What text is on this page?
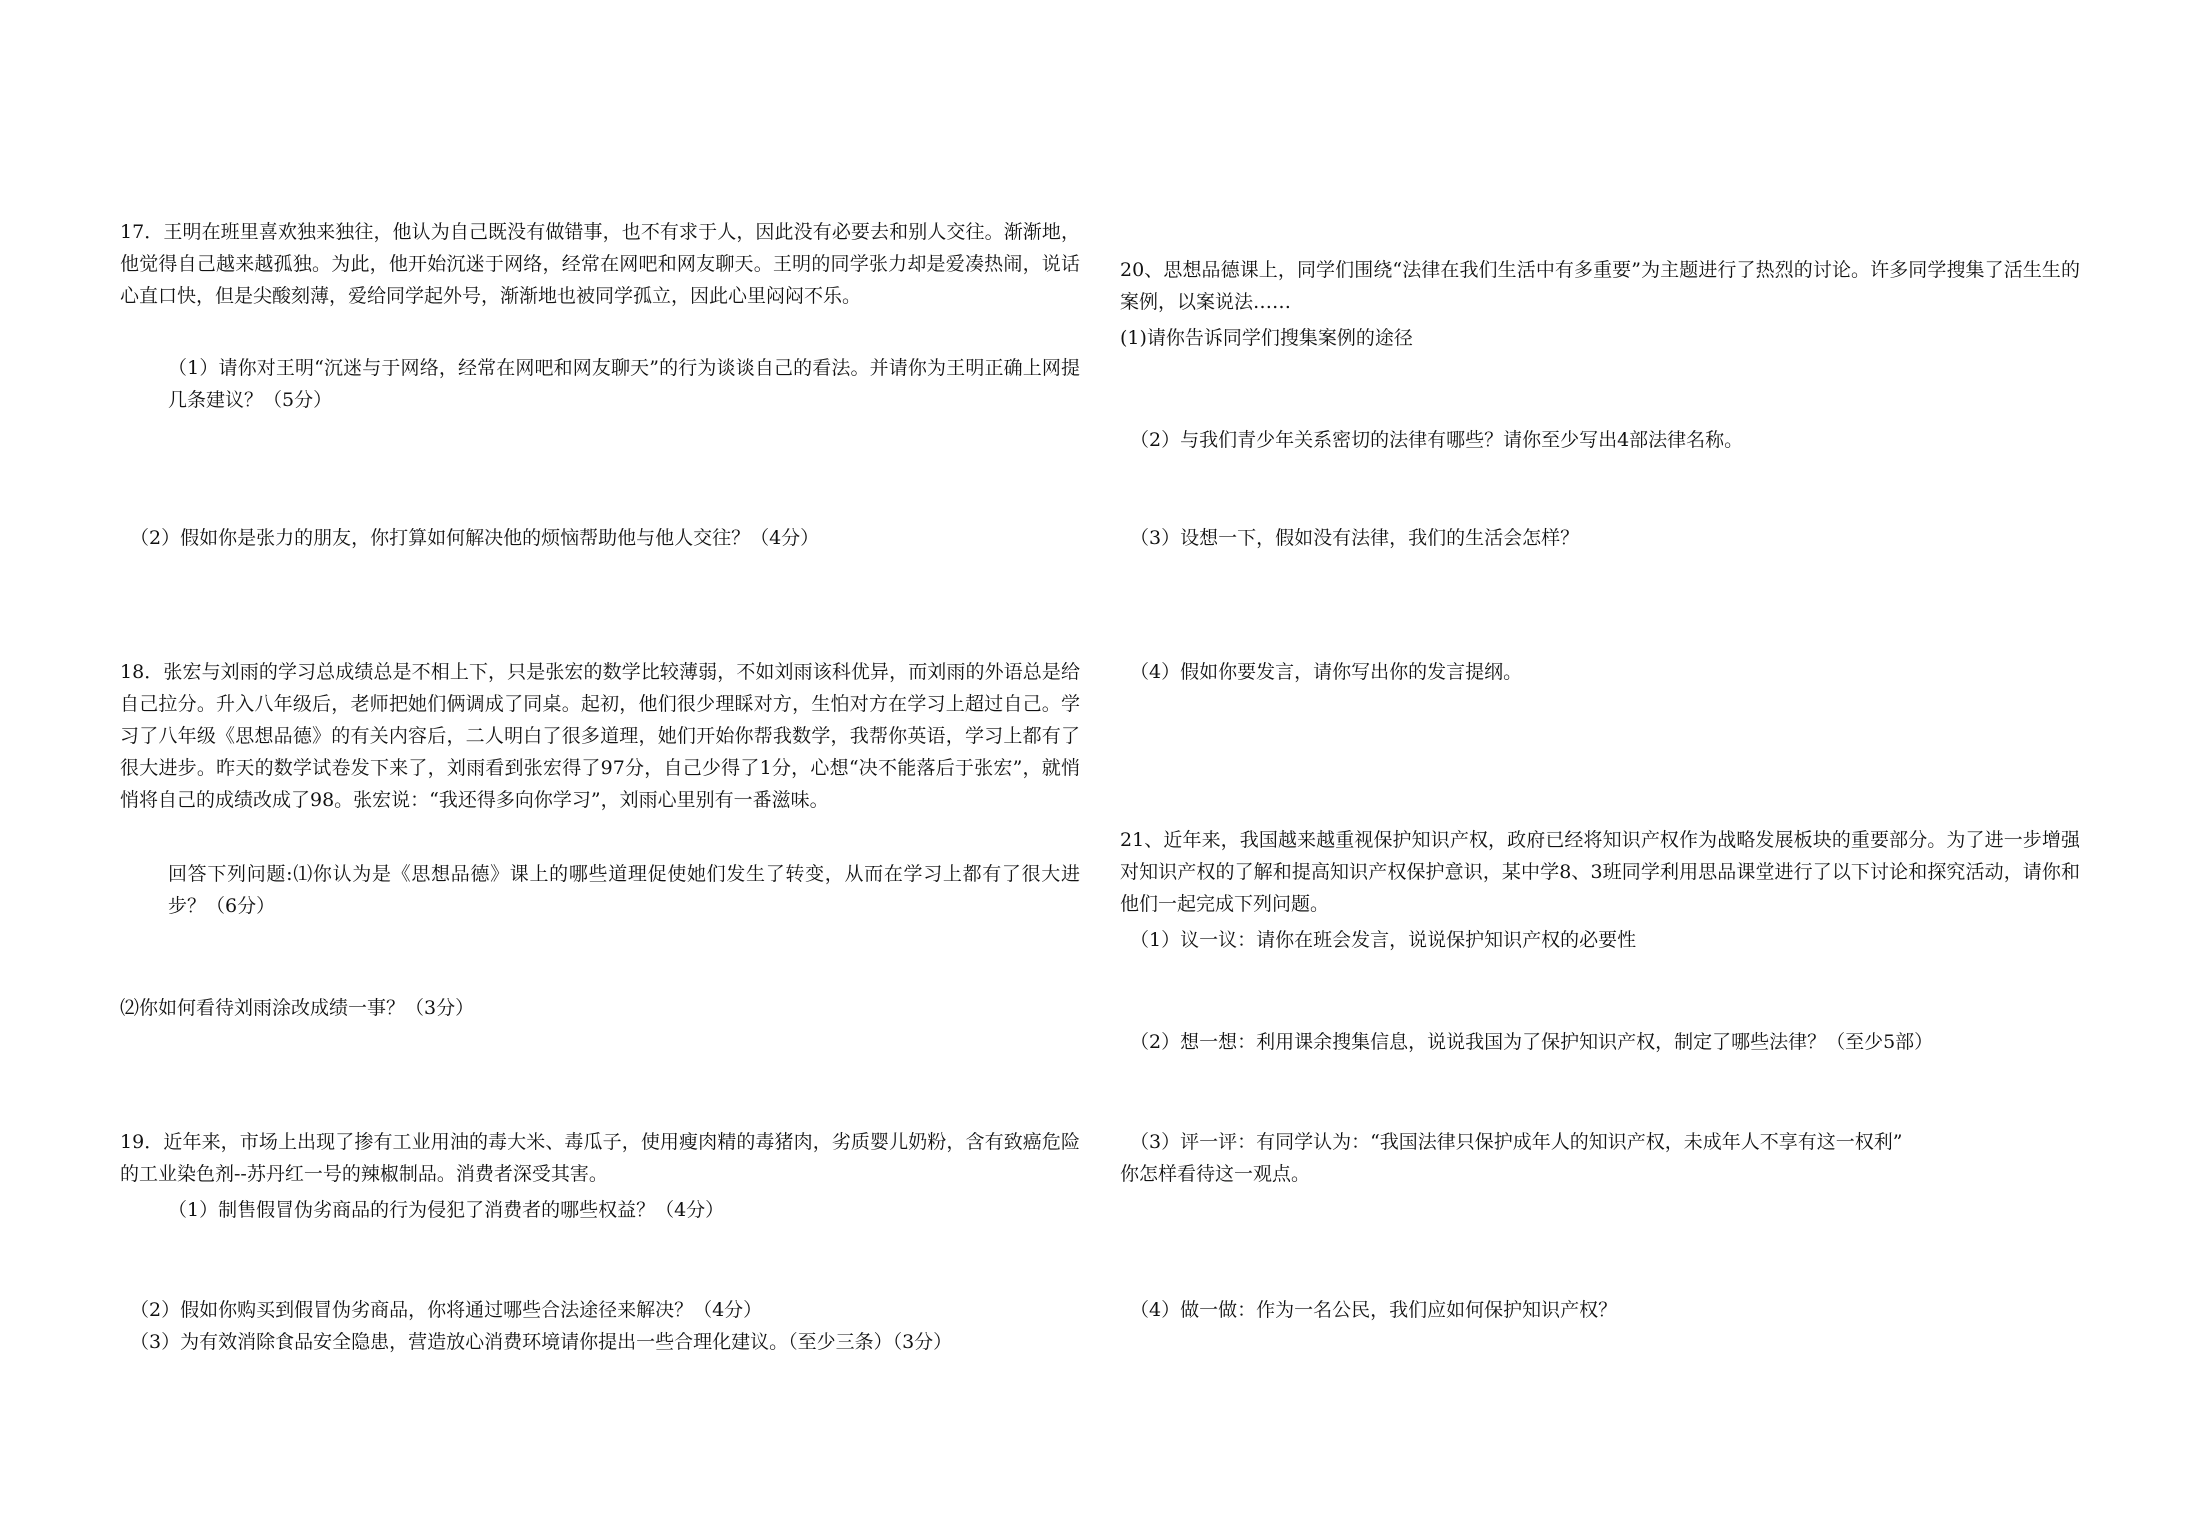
17．王明在班里喜欢独来独往，他认为自己既没有做错事，也不有求于人，因此没有必要去和别人交往。渐渐地，他觉得自己越来越孤独。为此，他开始沉迷于网络，经常在网吧和网友聊天。王明的同学张力却是爱凑热闹，说话心直口快，但是尖酸刻薄，爱给同学起外号，渐渐地也被同学孤立，因此心里闷闷不乐。
（1）请你对王明“沉迷与于网络，经常在网吧和网友聊天”的行为谈谈自己的看法。并请你为王明正确上网提几条建议？（5分）
（2）假如你是张力的朋友，你打算如何解决他的烦恼帮助他与他人交往？（4分）
18．张宏与刘雨的学习总成绩总是不相上下，只是张宏的数学比较薄弱，不如刘雨该科优异，而刘雨的外语总是给自己拉分。升入八年级后，老师把她们俩调成了同桌。起初，他们很少理睬对方，生怕对方在学习上超过自己。学习了八年级《思想品德》的有关内容后，二人明白了很多道理，她们开始你帮我数学，我帮你英语，学习上都有了很大进步。昨天的数学试卷发下来了，刘雨看到张宏得了97分，自己少得了1分，心想“决不能落后于张宏”，就悄悄将自己的成绩改成了98。张宏说：“我还得多向你学习”，刘雨心里别有一番滋味。
回答下列问题:⑴你认为是《思想品德》课上的哪些道理促使她们发生了转变，从而在学习上都有了很大进步？（6分）
⑵你如何看待刘雨涂改成绩一事？（3分）
19．近年来，市场上出现了掺有工业用油的毒大米、毒瓜子，使用瘦肉精的毒猪肉，劣质婴儿奶粉，含有致癌危险的工业染色剂--苏丹红一号的辣椒制品。消费者深受其害。
（1）制售假冒伪劣商品的行为侵犯了消费者的哪些权益？（4分）
（2）假如你购买到假冒伪劣商品，你将通过哪些合法途径来解决？（4分）
（3）为有效消除食品安全隐患，营造放心消费环境请你提出一些合理化建议。（至少三条）（3分）
20、思想品德课上，同学们围绕“法律在我们生活中有多重要”为主题进行了热烈的讨论。许多同学搜集了活生生的案例，以案说法……
(1)请你告诉同学们搜集案例的途径
（2）与我们青少年关系密切的法律有哪些？请你至少写出4部法律名称。
（3）设想一下，假如没有法律，我们的生活会怎样？
（4）假如你要发言，请你写出你的发言提纲。
21、近年来，我国越来越重视保护知识产权，政府已经将知识产权作为战略发展板块的重要部分。为了进一步增强对知识产权的了解和提高知识产权保护意识，某中学8、3班同学利用思品课堂进行了以下讨论和探究活动，请你和他们一起完成下列问题。
（1）议一议：请你在班会发言，说说保护知识产权的必要性
（2）想一想：利用课余搜集信息，说说我国为了保护知识产权，制定了哪些法律？（至少5部）
（3）评一评：有同学认为：“我国法律只保护成年人的知识产权，未成年人不享有这一权利”
你怎样看待这一观点。
（4）做一做：作为一名公民，我们应如何保护知识产权？
